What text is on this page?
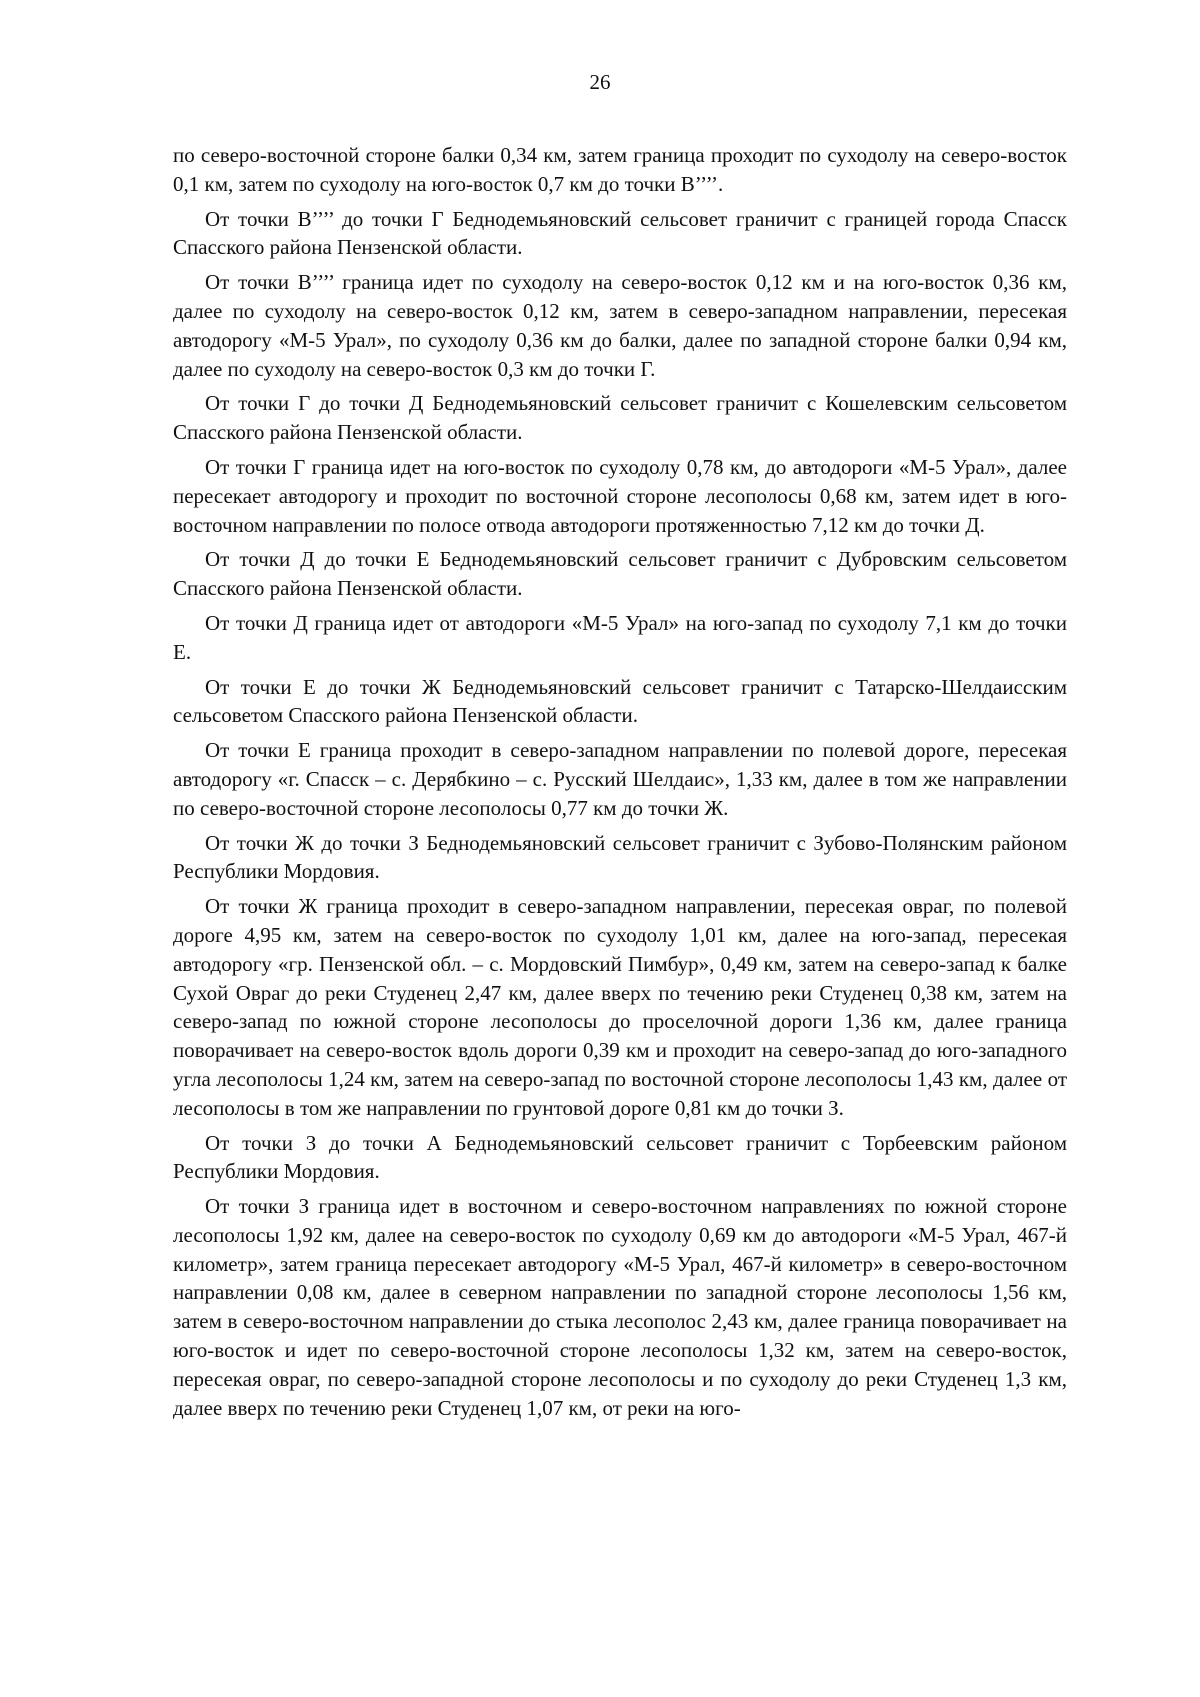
26

по северо-восточной стороне балки 0,34 км, затем граница проходит по суходолу на северо-восток 0,1 км, затем по суходолу на юго-восток 0,7 км до точки В’’’’.

От точки В’’’’ до точки Г Беднодемьяновский сельсовет граничит с границей города Спасск Спасского района Пензенской области.

От точки В’’’’ граница идет по суходолу на северо-восток 0,12 км и на юго-восток 0,36 км, далее по суходолу на северо-восток 0,12 км, затем в северо-западном направлении, пересекая автодорогу «М-5 Урал», по суходолу 0,36 км до балки, далее по западной стороне балки 0,94 км, далее по суходолу на северо-восток 0,3 км до точки Г.

От точки Г до точки Д Беднодемьяновский сельсовет граничит с Кошелевским сельсоветом Спасского района Пензенской области.

От точки Г граница идет на юго-восток по суходолу 0,78 км, до автодороги «М-5 Урал», далее пересекает автодорогу и проходит по восточной стороне лесополосы 0,68 км, затем идет в юго-восточном направлении по полосе отвода автодороги протяженностью 7,12 км до точки Д.

От точки Д до точки Е Беднодемьяновский сельсовет граничит с Дубровским сельсоветом Спасского района Пензенской области.

От точки Д граница идет от автодороги «М-5 Урал» на юго-запад по суходолу 7,1 км до точки Е.

От точки Е до точки Ж Беднодемьяновский сельсовет граничит с Татарско-Шелдаисским сельсоветом Спасского района Пензенской области.

От точки Е граница проходит в северо-западном направлении по полевой дороге, пересекая автодорогу «г. Спасск – с. Дерябкино – с. Русский Шелдаис», 1,33 км, далее в том же направлении по северо-восточной стороне лесополосы 0,77 км до точки Ж.

От точки Ж до точки З Беднодемьяновский сельсовет граничит с Зубово-Полянским районом Республики Мордовия.

От точки Ж граница проходит в северо-западном направлении, пересекая овраг, по полевой дороге 4,95 км, затем на северо-восток по суходолу 1,01 км, далее на юго-запад, пересекая автодорогу «гр. Пензенской обл. – с. Мордовский Пимбур», 0,49 км, затем на северо-запад к балке Сухой Овраг до реки Студенец 2,47 км, далее вверх по течению реки Студенец 0,38 км, затем на северо-запад по южной стороне лесополосы до проселочной дороги 1,36 км, далее граница поворачивает на северо-восток вдоль дороги 0,39 км и проходит на северо-запад до юго-западного угла лесополосы 1,24 км, затем на северо-запад по восточной стороне лесополосы 1,43 км, далее от лесополосы в том же направлении по грунтовой дороге 0,81 км до точки З.

От точки З до точки А Беднодемьяновский сельсовет граничит с Торбеевским районом Республики Мордовия.

От точки З граница идет в восточном и северо-восточном направлениях по южной стороне лесополосы 1,92 км, далее на северо-восток по суходолу 0,69 км до автодороги «М-5 Урал, 467-й километр», затем граница пересекает автодорогу «М-5 Урал, 467-й километр» в северо-восточном направлении 0,08 км, далее в северном направлении по западной стороне лесополосы 1,56 км, затем в северо-восточном направлении до стыка лесополос 2,43 км, далее граница поворачивает на юго-восток и идет по северо-восточной стороне лесополосы 1,32 км, затем на северо-восток, пересекая овраг, по северо-западной стороне лесополосы и по суходолу до реки Студенец 1,3 км, далее вверх по течению реки Студенец 1,07 км, от реки на юго-
